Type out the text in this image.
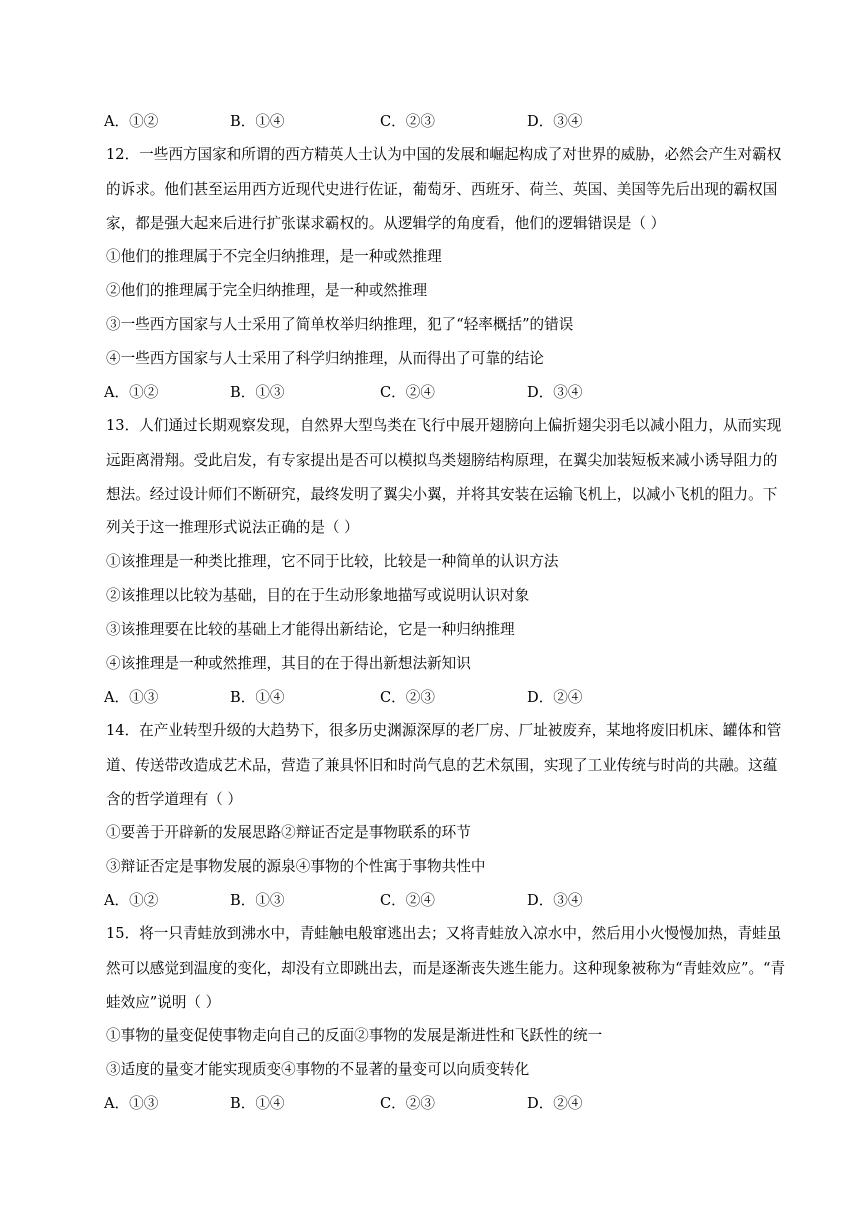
A．①②	B．①④	C．②③	D．③④
12．一些西方国家和所谓的西方精英人士认为中国的发展和崛起构成了对世界的威胁，必然会产生对霸权
的诉求。他们甚至运用西方近现代史进行佐证，葡萄牙、西班牙、荷兰、英国、美国等先后出现的霸权国
家，都是强大起来后进行扩张谋求霸权的。从逻辑学的角度看，他们的逻辑错误是（ ）
①他们的推理属于不完全归纳推理，是一种或然推理
②他们的推理属于完全归纳推理，是一种或然推理
③一些西方国家与人士采用了简单枚举归纳推理，犯了“轻率概括”的错误
④一些西方国家与人士采用了科学归纳推理，从而得出了可靠的结论
A．①②	B．①③	C．②④	D．③④
13．人们通过长期观察发现，自然界大型鸟类在飞行中展开翅膀向上偏折翅尖羽毛以减小阻力，从而实现
远距离滑翔。受此启发，有专家提出是否可以模拟鸟类翅膀结构原理，在翼尖加装短板来减小诱导阻力的
想法。经过设计师们不断研究，最终发明了翼尖小翼，并将其安装在运输飞机上，以减小飞机的阻力。下
列关于这一推理形式说法正确的是（ ）
①该推理是一种类比推理，它不同于比较，比较是一种简单的认识方法
②该推理以比较为基础，目的在于生动形象地描写或说明认识对象
③该推理要在比较的基础上才能得出新结论，它是一种归纳推理
④该推理是一种或然推理，其目的在于得出新想法新知识
A．①③	B．①④	C．②③	D．②④
14．在产业转型升级的大趋势下，很多历史渊源深厚的老厂房、厂址被废弃，某地将废旧机床、罐体和管
道、传送带改造成艺术品，营造了兼具怀旧和时尚气息的艺术氛围，实现了工业传统与时尚的共融。这蕴
含的哲学道理有（ ）
①要善于开辟新的发展思路②辩证否定是事物联系的环节
③辩证否定是事物发展的源泉④事物的个性寓于事物共性中
A．①②	B．①③	C．②④	D．③④
15．将一只青蛙放到沸水中，青蛙触电般窜逃出去；又将青蛙放入凉水中，然后用小火慢慢加热，青蛙虽
然可以感觉到温度的变化，却没有立即跳出去，而是逐渐丧失逃生能力。这种现象被称为“青蛙效应”。“青
蛙效应”说明（ ）
①事物的量变促使事物走向自己的反面②事物的发展是渐进性和飞跃性的统一
③适度的量变才能实现质变④事物的不显著的量变可以向质变转化
A．①③	B．①④	C．②③	D．②④
